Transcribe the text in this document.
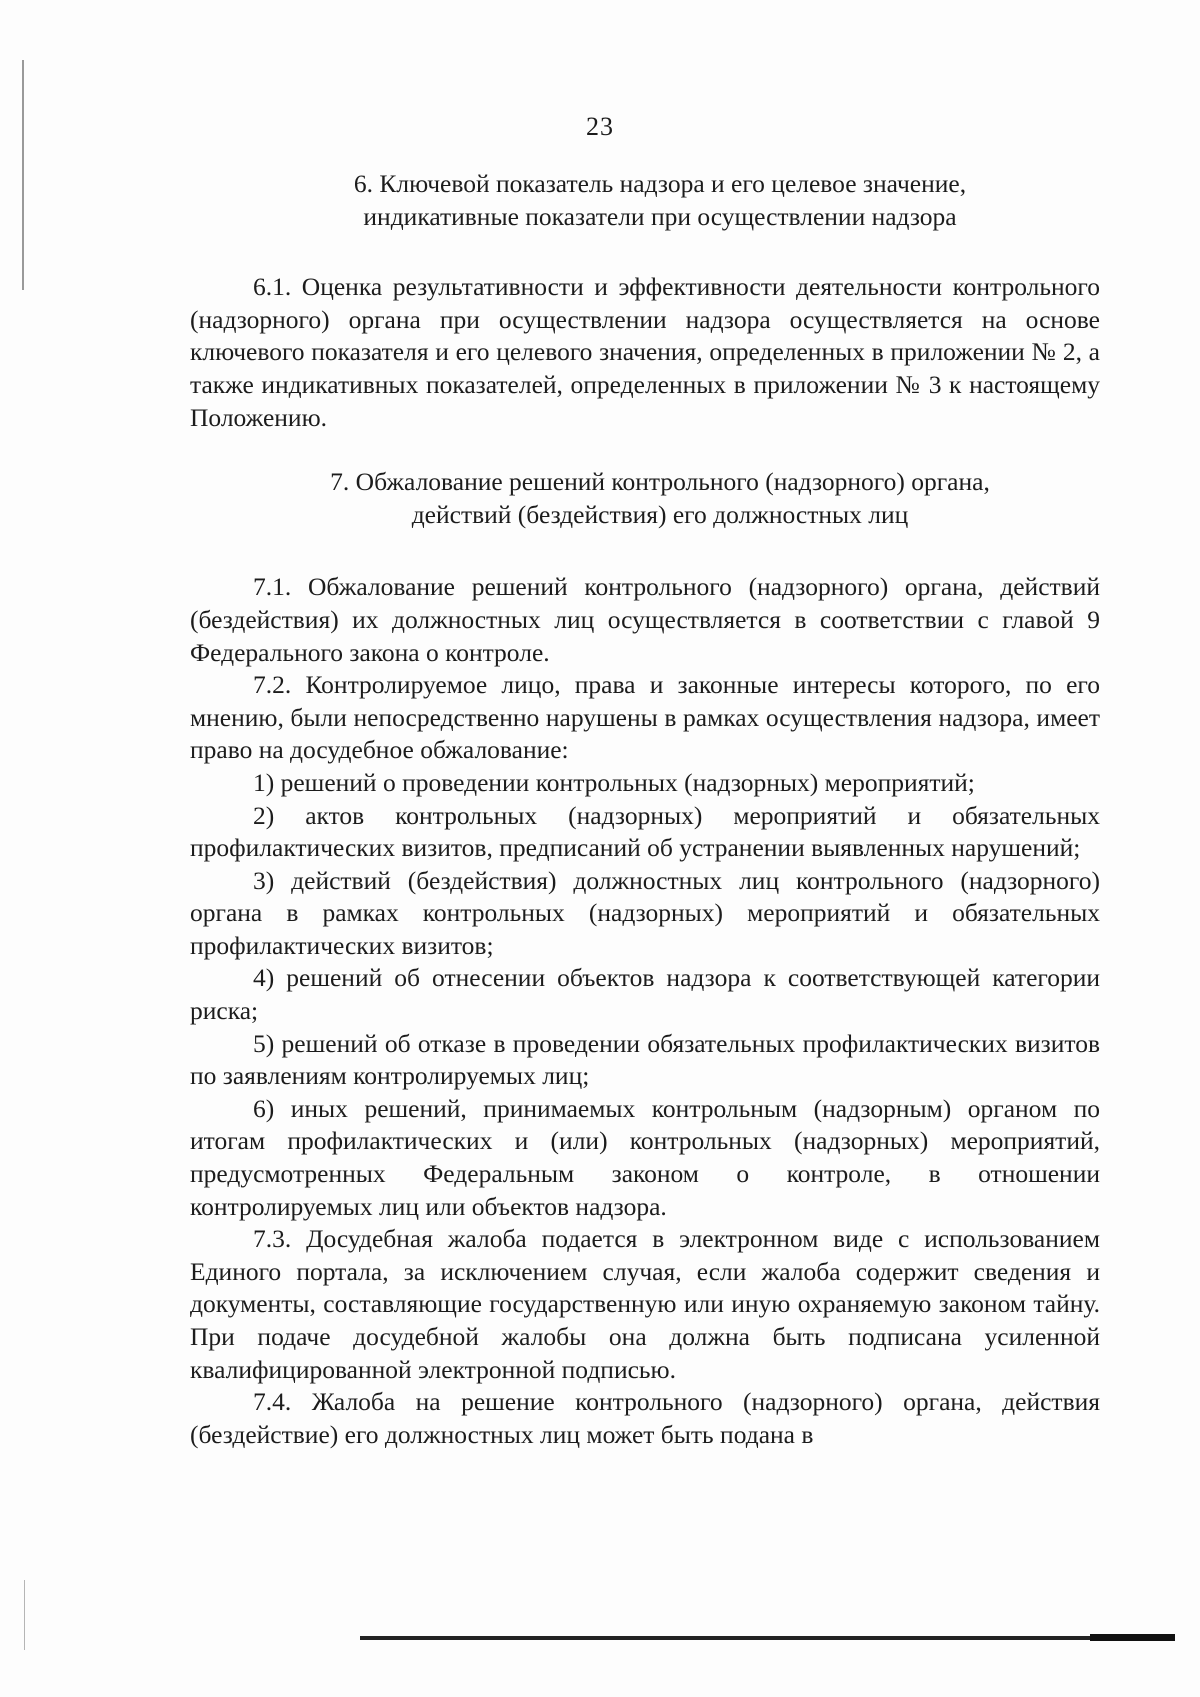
23
6. Ключевой показатель надзора и его целевое значение,
индикативные показатели при осуществлении надзора

6.1. Оценка результативности и эффективности деятельности контрольного (надзорного) органа при осуществлении надзора осуществляется на основе ключевого показателя и его целевого значения, определенных в приложении № 2, а также индикативных показателей, определенных в приложении № 3 к настоящему Положению.

7. Обжалование решений контрольного (надзорного) органа,
действий (бездействия) его должностных лиц

7.1. Обжалование решений контрольного (надзорного) органа, действий (бездействия) их должностных лиц осуществляется в соответствии с главой 9 Федерального закона о контроле.

7.2. Контролируемое лицо, права и законные интересы которого, по его мнению, были непосредственно нарушены в рамках осуществления надзора, имеет право на досудебное обжалование:

1) решений о проведении контрольных (надзорных) мероприятий;

2) актов контрольных (надзорных) мероприятий и обязательных профилактических визитов, предписаний об устранении выявленных нарушений;

3) действий (бездействия) должностных лиц контрольного (надзорного) органа в рамках контрольных (надзорных) мероприятий и обязательных профилактических визитов;

4) решений об отнесении объектов надзора к соответствующей категории риска;

5) решений об отказе в проведении обязательных профилактических визитов по заявлениям контролируемых лиц;

6) иных решений, принимаемых контрольным (надзорным) органом по итогам профилактических и (или) контрольных (надзорных) мероприятий, предусмотренных Федеральным законом о контроле, в отношении контролируемых лиц или объектов надзора.

7.3. Досудебная жалоба подается в электронном виде с использованием Единого портала, за исключением случая, если жалоба содержит сведения и документы, составляющие государственную или иную охраняемую законом тайну. При подаче досудебной жалобы она должна быть подписана усиленной квалифицированной электронной подписью.

7.4. Жалоба на решение контрольного (надзорного) органа, действия (бездействие) его должностных лиц может быть подана в
